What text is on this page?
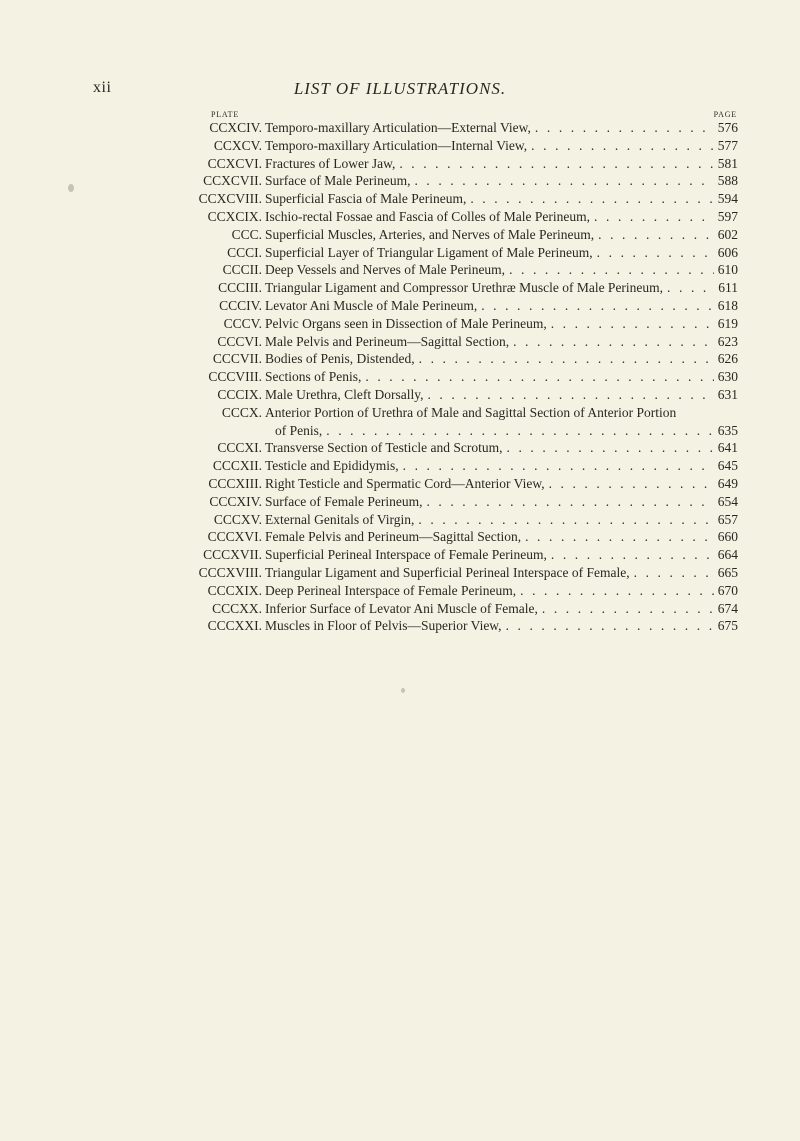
xii	LIST OF ILLUSTRATIONS.
PLATE	PAGE
CCXCIV. Temporo-maxillary Articulation—External View, . . .	576
CCXCV. Temporo-maxillary Articulation—Internal View, . . .	577
CCXCVI. Fractures of Lower Jaw, . . .	581
CCXCVII. Surface of Male Perineum, . . .	588
CCXCVIII. Superficial Fascia of Male Perineum, . . .	594
CCXCIX. Ischio-rectal Fossae and Fascia of Colles of Male Perineum, . . .	597
CCC. Superficial Muscles, Arteries, and Nerves of Male Perineum, . . .	602
CCCI. Superficial Layer of Triangular Ligament of Male Perineum, . . .	606
CCCII. Deep Vessels and Nerves of Male Perineum, . . .	610
CCCIII. Triangular Ligament and Compressor Urethræ Muscle of Male Perineum, . . .	611
CCCIV. Levator Ani Muscle of Male Perineum, . . .	618
CCCV. Pelvic Organs seen in Dissection of Male Perineum, . . .	619
CCCVI. Male Pelvis and Perineum—Sagittal Section, . . .	623
CCCVII. Bodies of Penis, Distended, . . .	626
CCCVIII. Sections of Penis, . . .	630
CCCIX. Male Urethra, Cleft Dorsally, . . .	631
CCCX. Anterior Portion of Urethra of Male and Sagittal Section of Anterior Portion
of Penis, . . .	635
CCCXI. Transverse Section of Testicle and Scrotum, . . .	641
CCCXII. Testicle and Epididymis, . . .	645
CCCXIII. Right Testicle and Spermatic Cord—Anterior View, . . .	649
CCCXIV. Surface of Female Perineum, . . .	654
CCCXV. External Genitals of Virgin, . . .	657
CCCXVI. Female Pelvis and Perineum—Sagittal Section, . . .	660
CCCXVII. Superficial Perineal Interspace of Female Perineum, . . .	664
CCCXVIII. Triangular Ligament and Superficial Perineal Interspace of Female, . . .	665
CCCXIX. Deep Perineal Interspace of Female Perineum, . . .	670
CCCXX. Inferior Surface of Levator Ani Muscle of Female, . . .	674
CCCXXI. Muscles in Floor of Pelvis—Superior View, . . .	675
